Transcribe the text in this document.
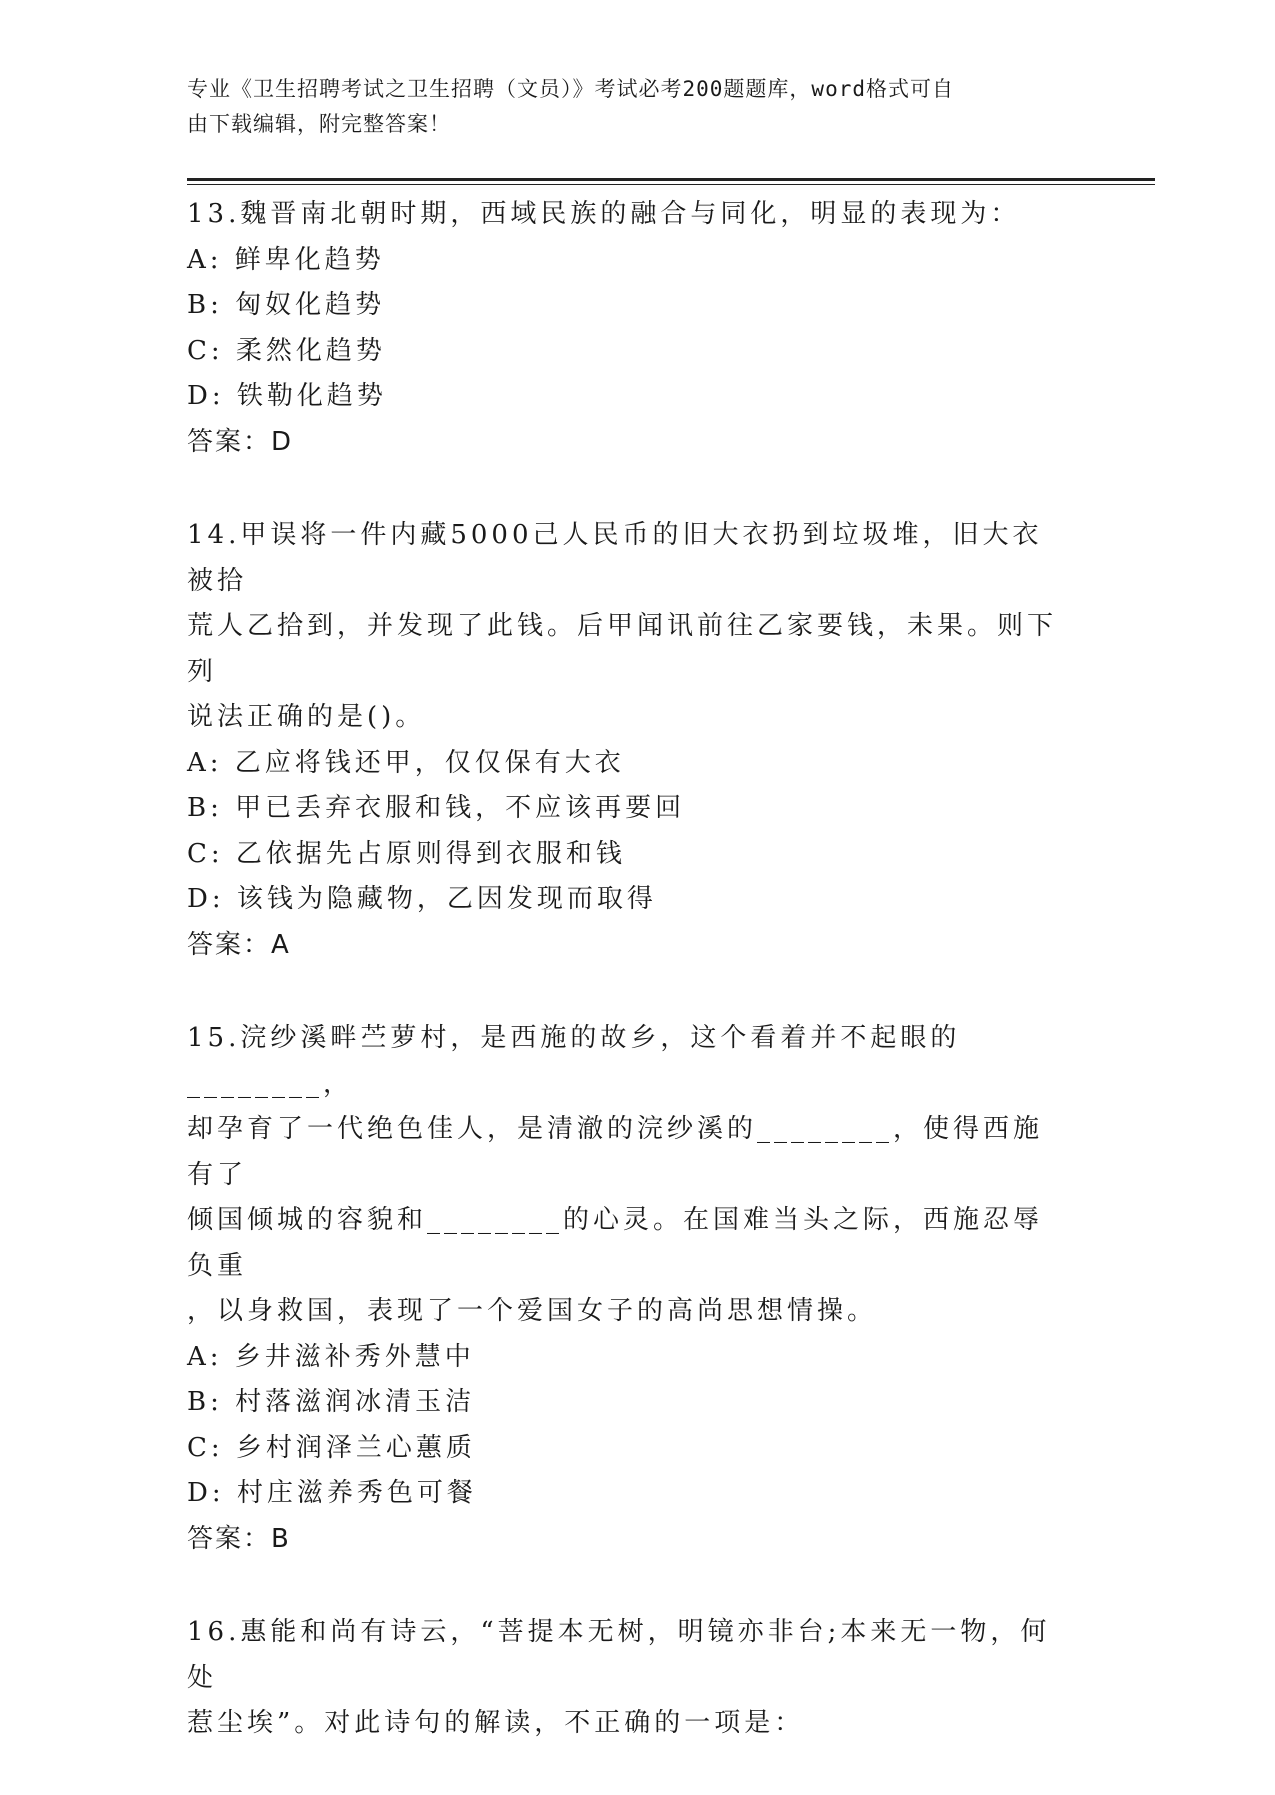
专业《卫生招聘考试之卫生招聘（文员）》考试必考200题题库，word格式可自
由下载编辑，附完整答案！
13.魏晋南北朝时期，西域民族的融合与同化，明显的表现为：
A: 鲜卑化趋势
B: 匈奴化趋势
C: 柔然化趋势
D: 铁勒化趋势
答案：D
14.甲误将一件内藏5000己人民币的旧大衣扔到垃圾堆，旧大衣被拾
荒人乙拾到，并发现了此钱。后甲闻讯前往乙家要钱，未果。则下列
说法正确的是()。
A: 乙应将钱还甲，仅仅保有大衣
B: 甲已丢弃衣服和钱，不应该再要回
C: 乙依据先占原则得到衣服和钱
D: 该钱为隐藏物，乙因发现而取得
答案：A
15.浣纱溪畔苎萝村，是西施的故乡，这个看着并不起眼的________，
却孕育了一代绝色佳人，是清澈的浣纱溪的________，使得西施有了
倾国倾城的容貌和________的心灵。在国难当头之际，西施忍辱负重
，以身救国，表现了一个爱国女子的高尚思想情操。
A: 乡井滋补秀外慧中
B: 村落滋润冰清玉洁
C: 乡村润泽兰心蕙质
D: 村庄滋养秀色可餐
答案：B
16.惠能和尚有诗云，“菩提本无树，明镜亦非台;本来无一物，何处
惹尘埃”。对此诗句的解读，不正确的一项是：
